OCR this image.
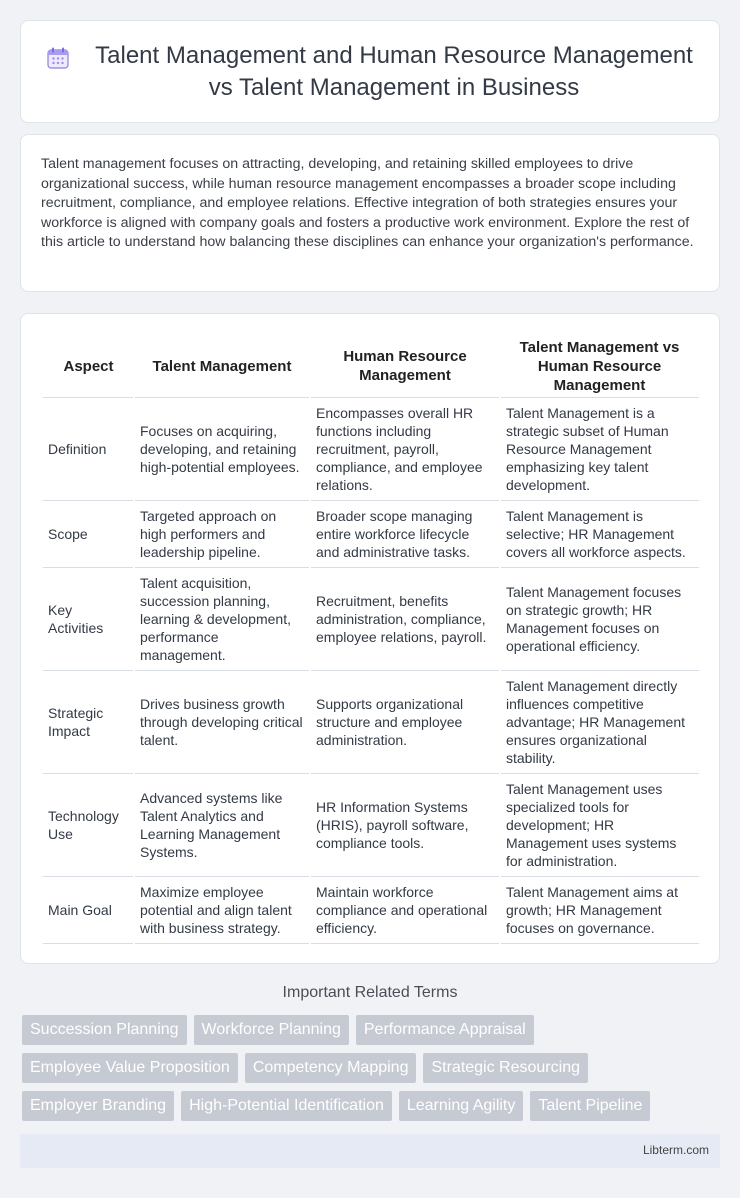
Talent Management and Human Resource Management vs Talent Management in Business

Talent management focuses on attracting, developing, and retaining skilled employees to drive organizational success, while human resource management encompasses a broader scope including recruitment, compliance, and employee relations. Effective integration of both strategies ensures your workforce is aligned with company goals and fosters a productive work environment. Explore the rest of this article to understand how balancing these disciplines can enhance your organization's performance.

Aspect	Talent Management	Human Resource Management	Talent Management vs Human Resource Management
Definition	Focuses on acquiring, developing, and retaining high-potential employees.	Encompasses overall HR functions including recruitment, payroll, compliance, and employee relations.	Talent Management is a strategic subset of Human Resource Management emphasizing key talent development.
Scope	Targeted approach on high performers and leadership pipeline.	Broader scope managing entire workforce lifecycle and administrative tasks.	Talent Management is selective; HR Management covers all workforce aspects.
Key Activities	Talent acquisition, succession planning, learning & development, performance management.	Recruitment, benefits administration, compliance, employee relations, payroll.	Talent Management focuses on strategic growth; HR Management focuses on operational efficiency.
Strategic Impact	Drives business growth through developing critical talent.	Supports organizational structure and employee administration.	Talent Management directly influences competitive advantage; HR Management ensures organizational stability.
Technology Use	Advanced systems like Talent Analytics and Learning Management Systems.	HR Information Systems (HRIS), payroll software, compliance tools.	Talent Management uses specialized tools for development; HR Management uses systems for administration.
Main Goal	Maximize employee potential and align talent with business strategy.	Maintain workforce compliance and operational efficiency.	Talent Management aims at growth; HR Management focuses on governance.
Important Related Terms
Succession Planning	Workforce Planning	Performance Appraisal
Employee Value Proposition	Competency Mapping	Strategic Resourcing
Employer Branding	High-Potential Identification	Learning Agility	Talent Pipeline
Libterm.com
